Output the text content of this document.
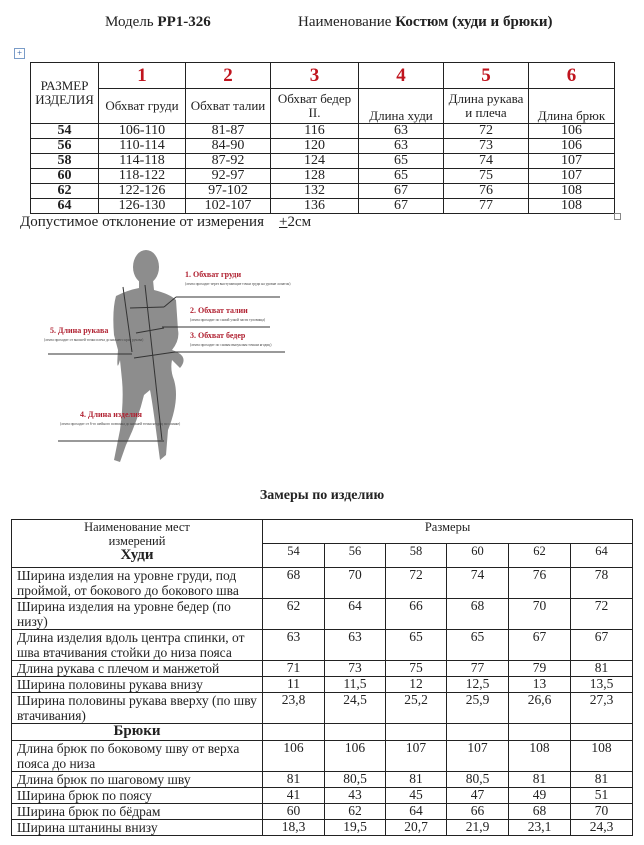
Модель PP1-326	Наименование Костюм (худи и брюки)
+
РАЗМЕР ИЗДЕЛИЯ	1	2	3	4	5	6
	Обхват груди	Обхват талии	Обхват бедер II.	Длина худи	Длина рукава и плеча	Длина брюк
54	106-110	81-87	116	63	72	106
56	110-114	84-90	120	63	73	106
58	114-118	87-92	124	65	74	107
60	118-122	92-97	128	65	75	107
62	122-126	97-102	132	67	76	108
64	126-130	102-107	136	67	77	108
Допустимое отклонение от измерения +2см
1. Обхват груди
2. Обхват талии
3. Обхват бедер
5. Длина рукава
4. Длина изделия
(лента проходит через выступающие точки груди на уровне лопаток)
(лента проходит по самой узкой части туловища)
(лента проходит по самым выпуклым точкам ягодиц)
(лента проходит от высшей точки плеча до нижнего края рукава)
(лента проходит от 6-го шейного позвонка до нижней точки ягодиц по спинке)
Замеры по изделию
Наименование мест измерений
Худи	Размеры					
	54	56	58	60	62	64
Ширина изделия на уровне груди, под проймой, от бокового до бокового шва	68	70	72	74	76	78
Ширина изделия на уровне бедер (по низу)	62	64	66	68	70	72
Длина изделия вдоль центра спинки, от шва втачивания стойки до низа пояса	63	63	65	65	67	67
Длина рукава с плечом и манжетой	71	73	75	77	79	81
Ширина половины рукава внизу	11	11,5	12	12,5	13	13,5
Ширина половины рукава вверху (по шву втачивания)	23,8	24,5	25,2	25,9	26,6	27,3
Брюки						
Длина брюк по боковому шву от верха пояса до низа	106	106	107	107	108	108
Длина брюк по шаговому шву	81	80,5	81	80,5	81	81
Ширина брюк по поясу	41	43	45	47	49	51
Ширина брюк по бёдрам	60	62	64	66	68	70
Ширина штанины внизу	18,3	19,5	20,7	21,9	23,1	24,3
